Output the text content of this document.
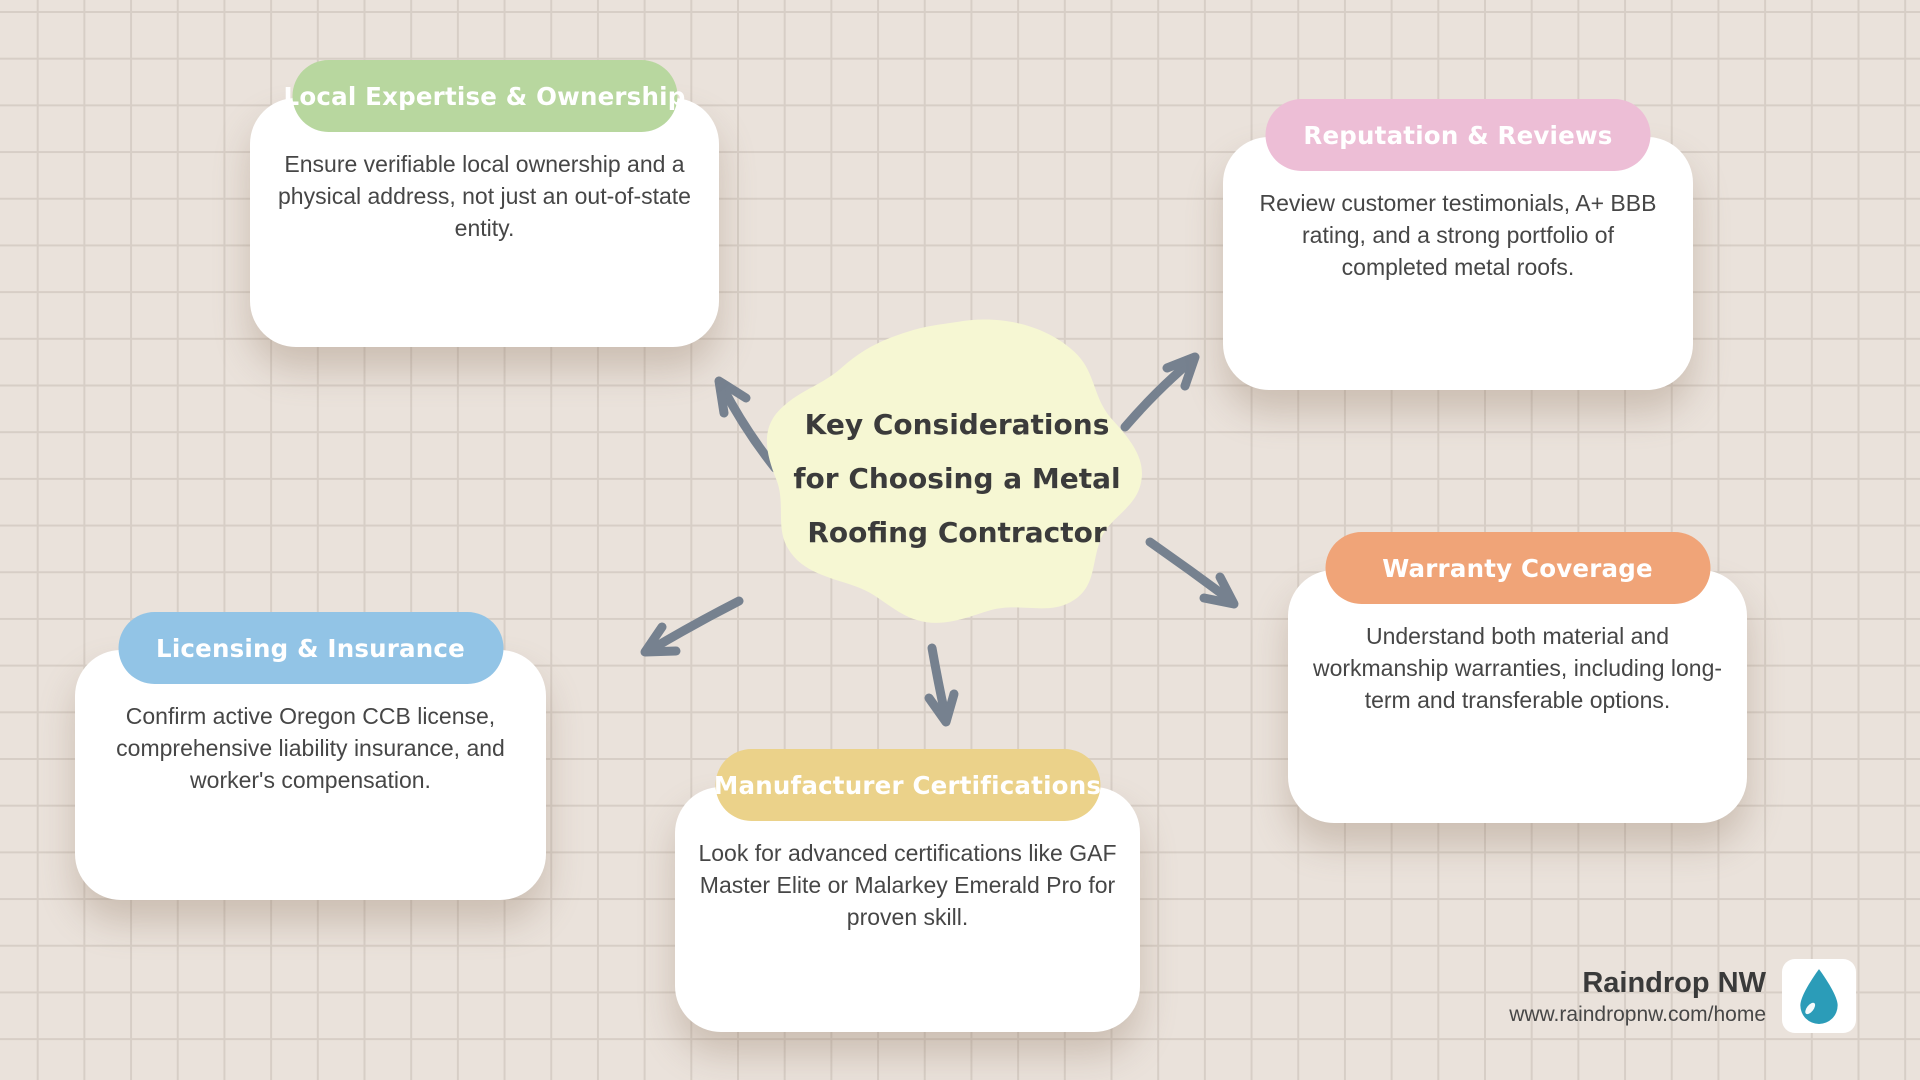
Key Considerations
for Choosing a Metal
Roofing Contractor
Local Expertise & Ownership
Ensure verifiable local ownership and a
physical address, not just an out-of-state
entity.
Reputation & Reviews
Review customer testimonials, A+ BBB
rating, and a strong portfolio of
completed metal roofs.
Licensing & Insurance
Confirm active Oregon CCB license,
comprehensive liability insurance, and
worker's compensation.	Manufacturer Certifications
Look for advanced certifications like GAF
Master Elite or Malarkey Emerald Pro for
proven skill.
Warranty Coverage
Understand both material and
workmanship warranties, including long-
term and transferable options.
Raindrop NW
www.raindropnw.com/home
